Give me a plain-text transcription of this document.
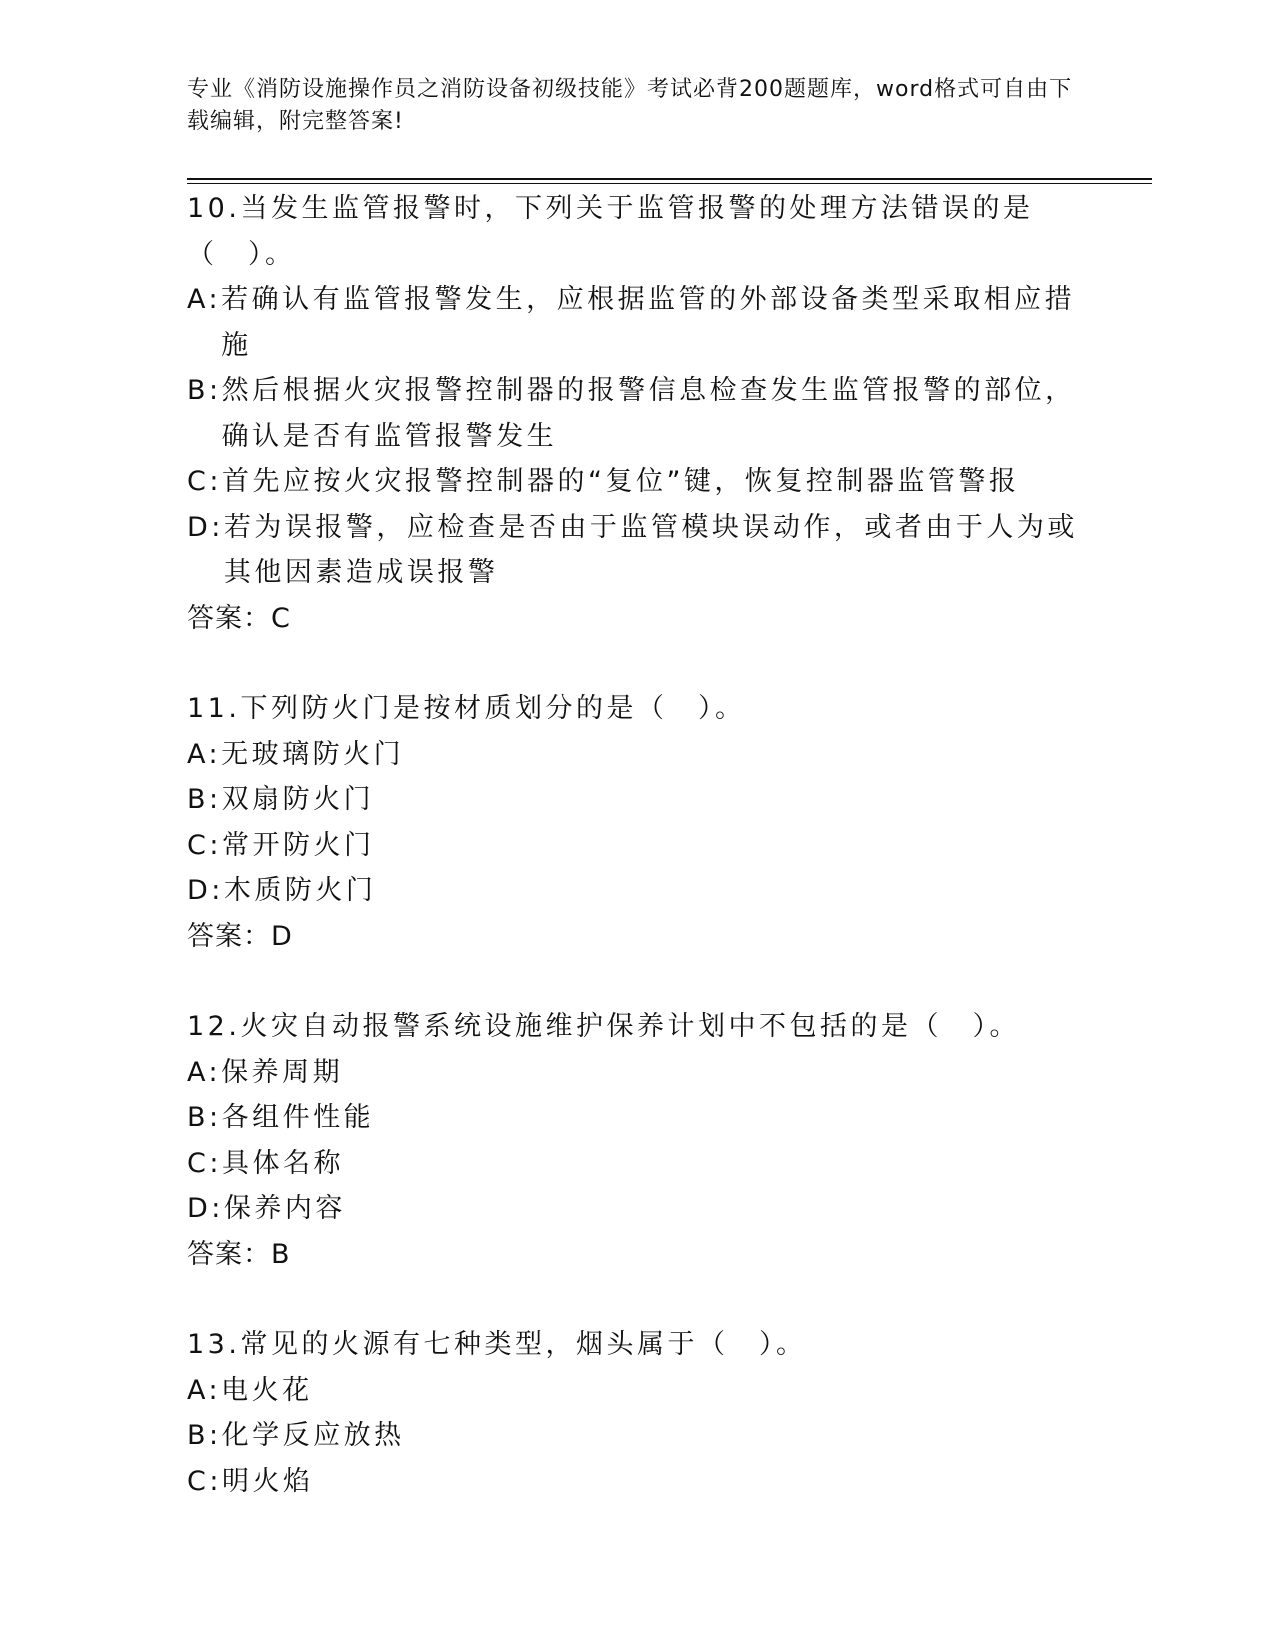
专业《消防设施操作员之消防设备初级技能》考试必背200题题库，word格式可自由下载编辑，附完整答案!
10.当发生监管报警时，下列关于监管报警的处理方法错误的是（　）。
A: 若确认有监管报警发生，应根据监管的外部设备类型采取相应措施
B: 然后根据火灾报警控制器的报警信息检查发生监管报警的部位，确认是否有监管报警发生
C: 首先应按火灾报警控制器的“复位”键，恢复控制器监管警报
D: 若为误报警，应检查是否由于监管模块误动作，或者由于人为或其他因素造成误报警
答案：C
11.下列防火门是按材质划分的是（　）。
A: 无玻璃防火门
B: 双扇防火门
C: 常开防火门
D: 木质防火门
答案：D
12.火灾自动报警系统设施维护保养计划中不包括的是（　）。
A: 保养周期
B: 各组件性能
C: 具体名称
D: 保养内容
答案：B
13.常见的火源有七种类型，烟头属于（　）。
A: 电火花
B: 化学反应放热
C: 明火焰
